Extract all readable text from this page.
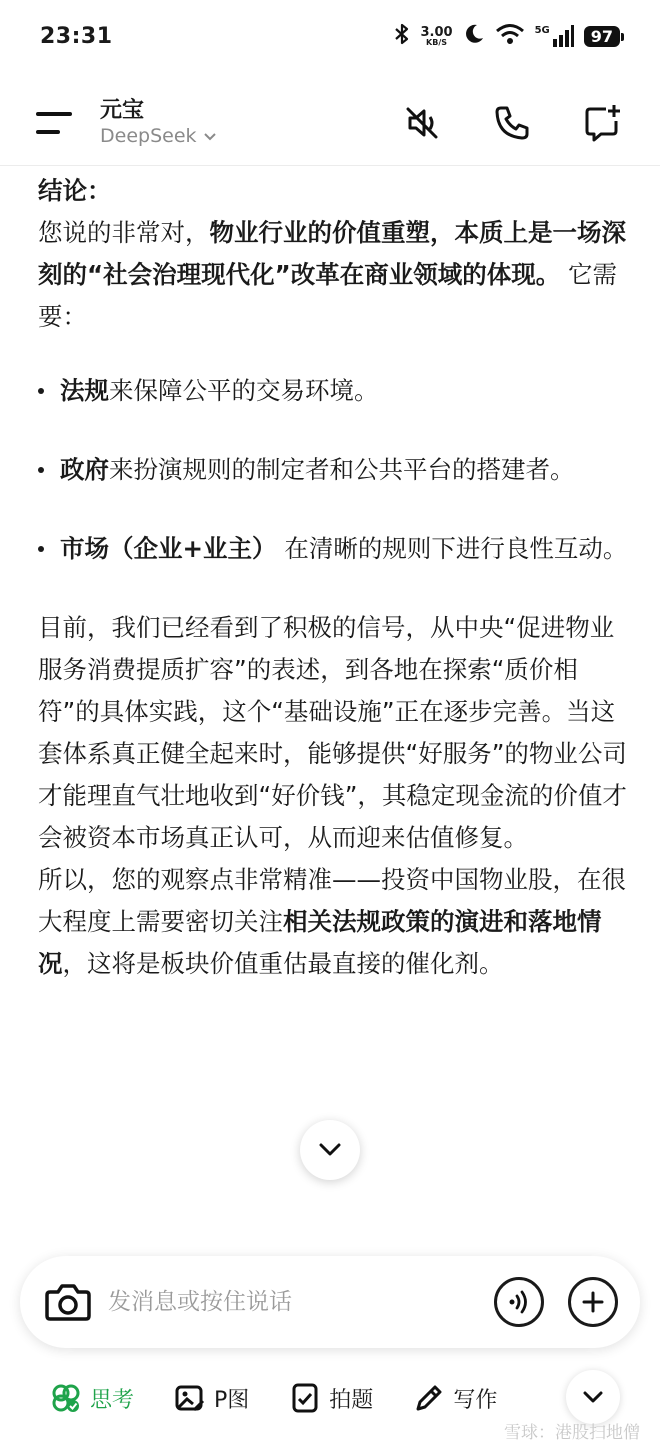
23:31	3.00
KB/S
5G	97
元宝
DeepSeek

结论：

您说的非常对，物业行业的价值重塑，本质上是一场深刻的“社会治理现代化”改革在商业领域的体现。 它需要：

法规来保障公平的交易环境。
政府来扮演规则的制定者和公共平台的搭建者。
市场（企业+业主） 在清晰的规则下进行良性互动。

目前，我们已经看到了积极的信号，从中央“促进物业服务消费提质扩容”的表述，到各地在探索“质价相符”的具体实践，这个“基础设施”正在逐步完善。当这套体系真正健全起来时，能够提供“好服务”的物业公司才能理直气壮地收到“好价钱”，其稳定现金流的价值才会被资本市场真正认可，从而迎来估值修复。

所以，您的观察点非常精准——投资中国物业股，在很大程度上需要密切关注相关法规政策的演进和落地情况，这将是板块价值重估最直接的催化剂。

发消息或按住说话
思考	P图	拍题	写作
雪球：港股扫地僧
